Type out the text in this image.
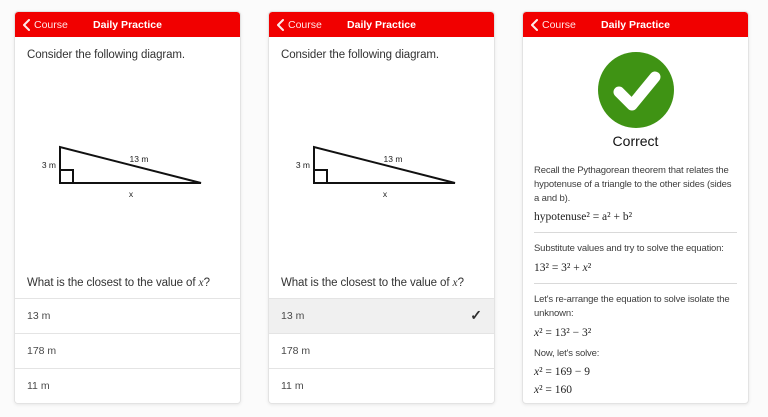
Course	Daily Practice
Consider the following diagram.
3 m
13 m
x
What is the closest to the value of x?
13 m
178 m
11 m
Course	Daily Practice
Consider the following diagram.
3 m
13 m
x
What is the closest to the value of x?
13 m	✓
178 m
11 m
Course	Daily Practice
Correct

Recall the Pythagorean theorem that relates the hypotenuse of a triangle to the other sides (sides a and b).

hypotenuse² = a² + b²

Substitute values and try to solve the equation:

13² = 3² + x²

Let's re-arrange the equation to solve isolate the unknown:

x² = 13² − 3²

Now, let's solve:

x² = 169 − 9

x² = 160
